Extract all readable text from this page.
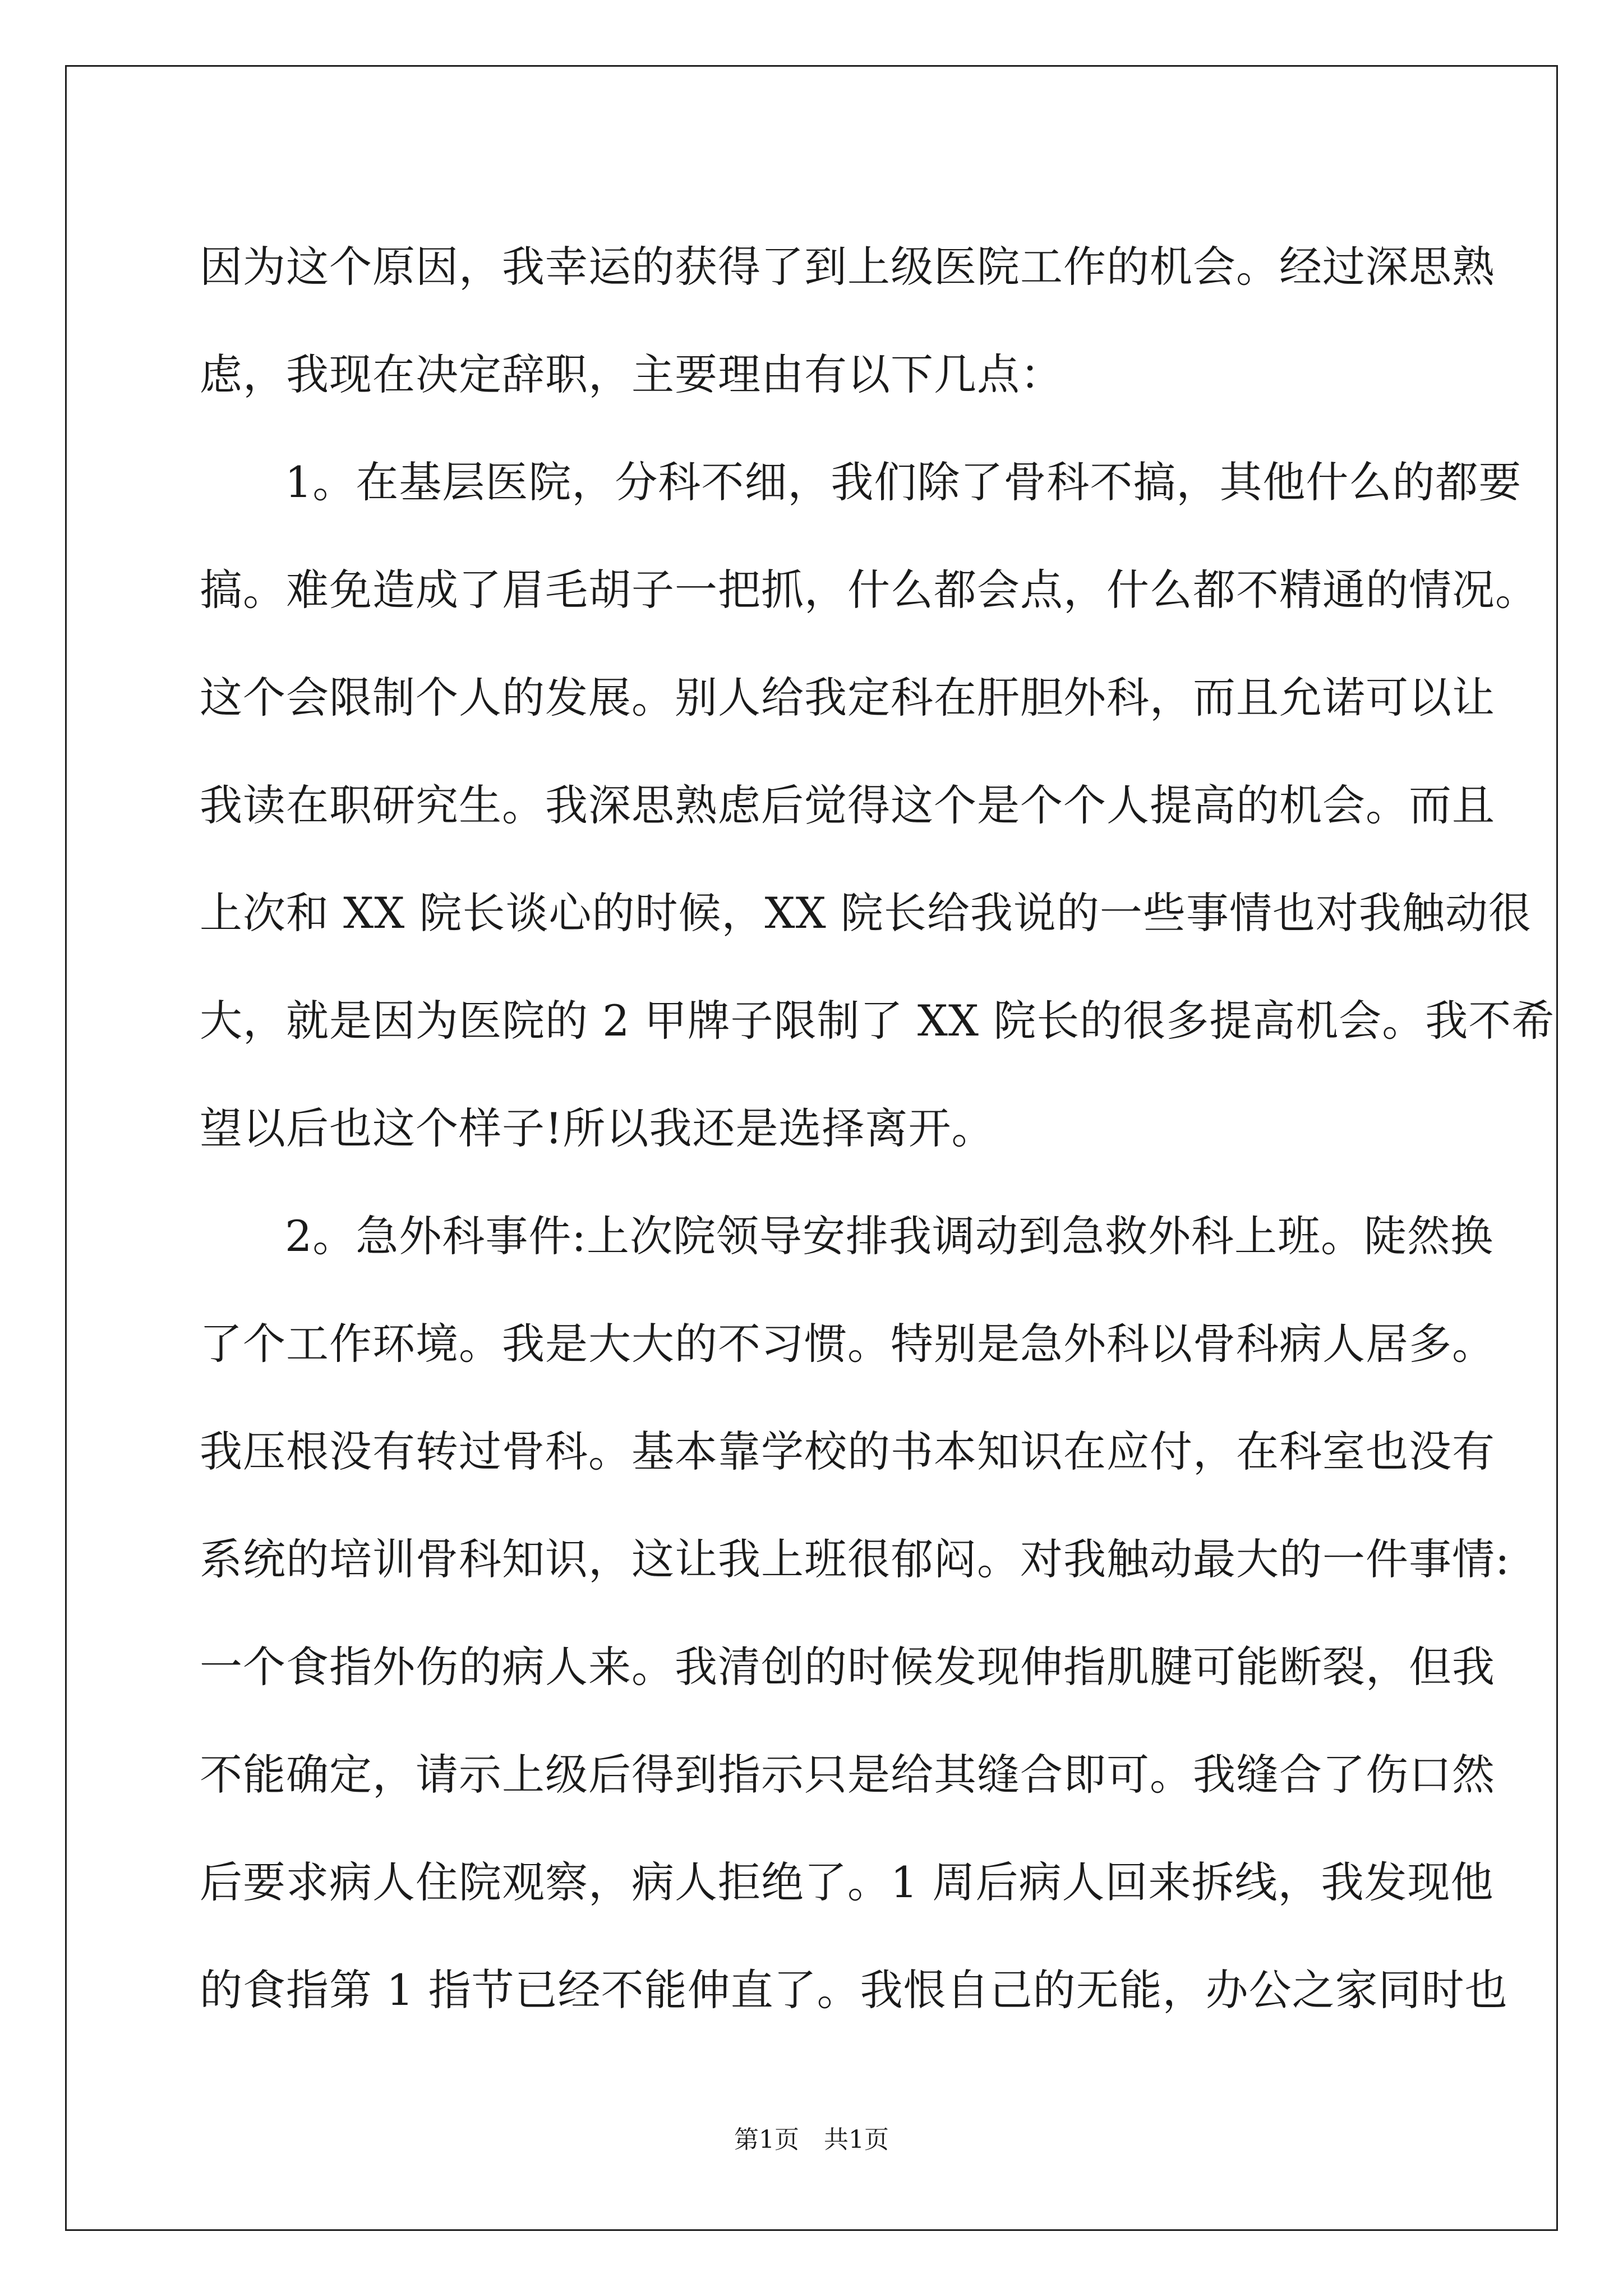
因为这个原因，我幸运的获得了到上级医院工作的机会。经过深思熟
虑，我现在决定辞职，主要理由有以下几点：
1。在基层医院，分科不细，我们除了骨科不搞，其他什么的都要
搞。难免造成了眉毛胡子一把抓，什么都会点，什么都不精通的情况。
这个会限制个人的发展。别人给我定科在肝胆外科，而且允诺可以让
我读在职研究生。我深思熟虑后觉得这个是个个人提高的机会。而且
上次和 XX 院长谈心的时候，XX 院长给我说的一些事情也对我触动很
大，就是因为医院的 2 甲牌子限制了 XX 院长的很多提高机会。我不希
望以后也这个样子!所以我还是选择离开。
2。急外科事件:上次院领导安排我调动到急救外科上班。陡然换
了个工作环境。我是大大的不习惯。特别是急外科以骨科病人居多。
我压根没有转过骨科。基本靠学校的书本知识在应付，在科室也没有
系统的培训骨科知识，这让我上班很郁闷。对我触动最大的一件事情:
一个食指外伤的病人来。我清创的时候发现伸指肌腱可能断裂，但我
不能确定，请示上级后得到指示只是给其缝合即可。我缝合了伤口然
后要求病人住院观察，病人拒绝了。1 周后病人回来拆线，我发现他
的食指第 1 指节已经不能伸直了。我恨自己的无能，办公之家同时也
第1页 共1页
